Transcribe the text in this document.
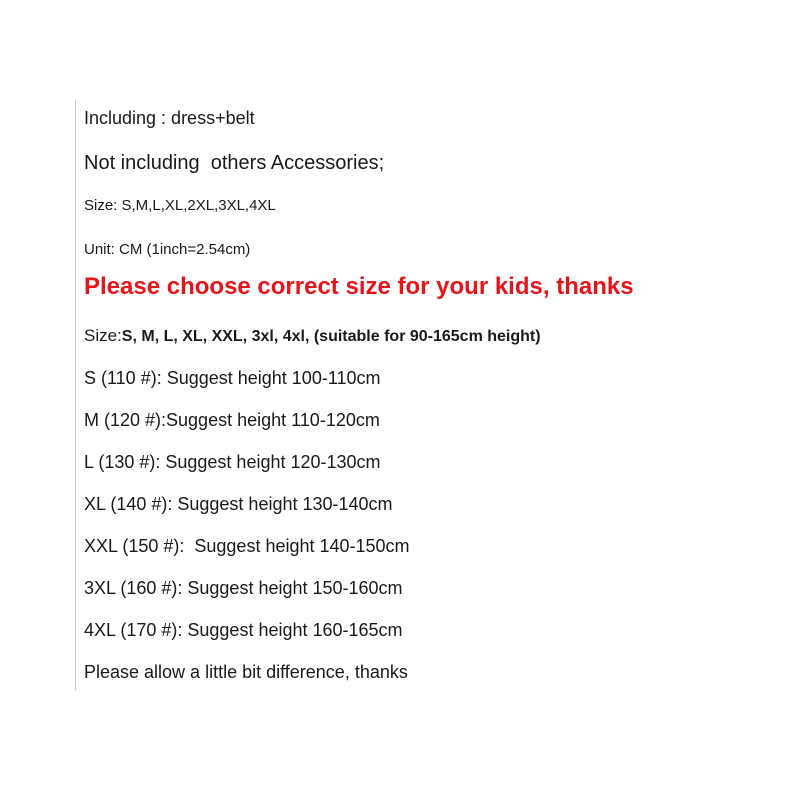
Including : dress+belt
Not including  others Accessories;
Size: S,M,L,XL,2XL,3XL,4XL
Unit: CM (1inch=2.54cm)
Please choose correct size for your kids, thanks
Size:S, M, L, XL, XXL, 3xl, 4xl, (suitable for 90-165cm height)
S (110 #): Suggest height 100-110cm
M (120 #):Suggest height 110-120cm
L (130 #): Suggest height 120-130cm
XL (140 #): Suggest height 130-140cm
XXL (150 #):  Suggest height 140-150cm
3XL (160 #): Suggest height 150-160cm
4XL (170 #): Suggest height 160-165cm
Please allow a little bit difference, thanks
